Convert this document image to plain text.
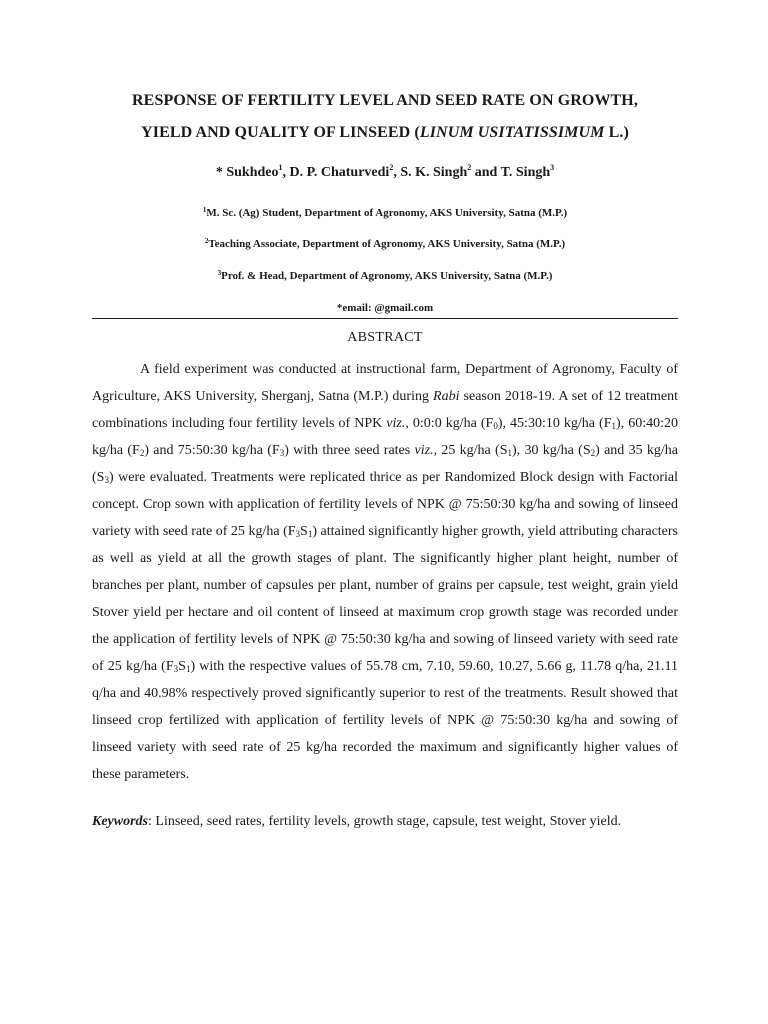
RESPONSE OF FERTILITY LEVEL AND SEED RATE ON GROWTH,
YIELD AND QUALITY OF LINSEED (LINUM USITATISSIMUM L.)
* Sukhdeo$^1$, D. P. Chaturvedi$^2$, S. K. Singh$^2$ and T. Singh$^3$
$^1$M. Sc. (Ag) Student, Department of Agronomy, AKS University, Satna (M.P.)
$^2$Teaching Associate, Department of Agronomy, AKS University, Satna (M.P.)
$^3$Prof. & Head, Department of Agronomy, AKS University, Satna (M.P.)
*email: @gmail.com
ABSTRACT

A field experiment was conducted at instructional farm, Department of Agronomy, Faculty of Agriculture, AKS University, Sherganj, Satna (M.P.) during Rabi season 2018-19. A set of 12 treatment combinations including four fertility levels of NPK viz., 0:0:0 kg/ha $(F_0)$, 45:30:10 kg/ha $(F_1)$, 60:40:20 kg/ha $(F_2)$ and 75:50:30 kg/ha $(F_3)$ with three seed rates viz., 25 kg/ha $(S_1)$, 30 kg/ha $(S_2)$ and 35 kg/ha $(S_3)$ were evaluated. Treatments were replicated thrice as per Randomized Block design with Factorial concept. Crop sown with application of fertility levels of NPK @ 75:50:30 kg/ha and sowing of linseed variety with seed rate of 25 kg/ha $(F_3S_1)$ attained significantly higher growth, yield attributing characters as well as yield at all the growth stages of plant. The significantly higher plant height, number of branches per plant, number of capsules per plant, number of grains per capsule, test weight, grain yield Stover yield per hectare and oil content of linseed at maximum crop growth stage was recorded under the application of fertility levels of NPK @ 75:50:30 kg/ha and sowing of linseed variety with seed rate of 25 kg/ha $(F_3S_1)$ with the respective values of 55.78 cm, 7.10, 59.60, 10.27, 5.66 g, 11.78 q/ha, 21.11 q/ha and 40.98% respectively proved significantly superior to rest of the treatments. Result showed that linseed crop fertilized with application of fertility levels of NPK @ 75:50:30 kg/ha and sowing of linseed variety with seed rate of 25 kg/ha recorded the maximum and significantly higher values of these parameters.

Keywords: Linseed, seed rates, fertility levels, growth stage, capsule, test weight, Stover yield.
